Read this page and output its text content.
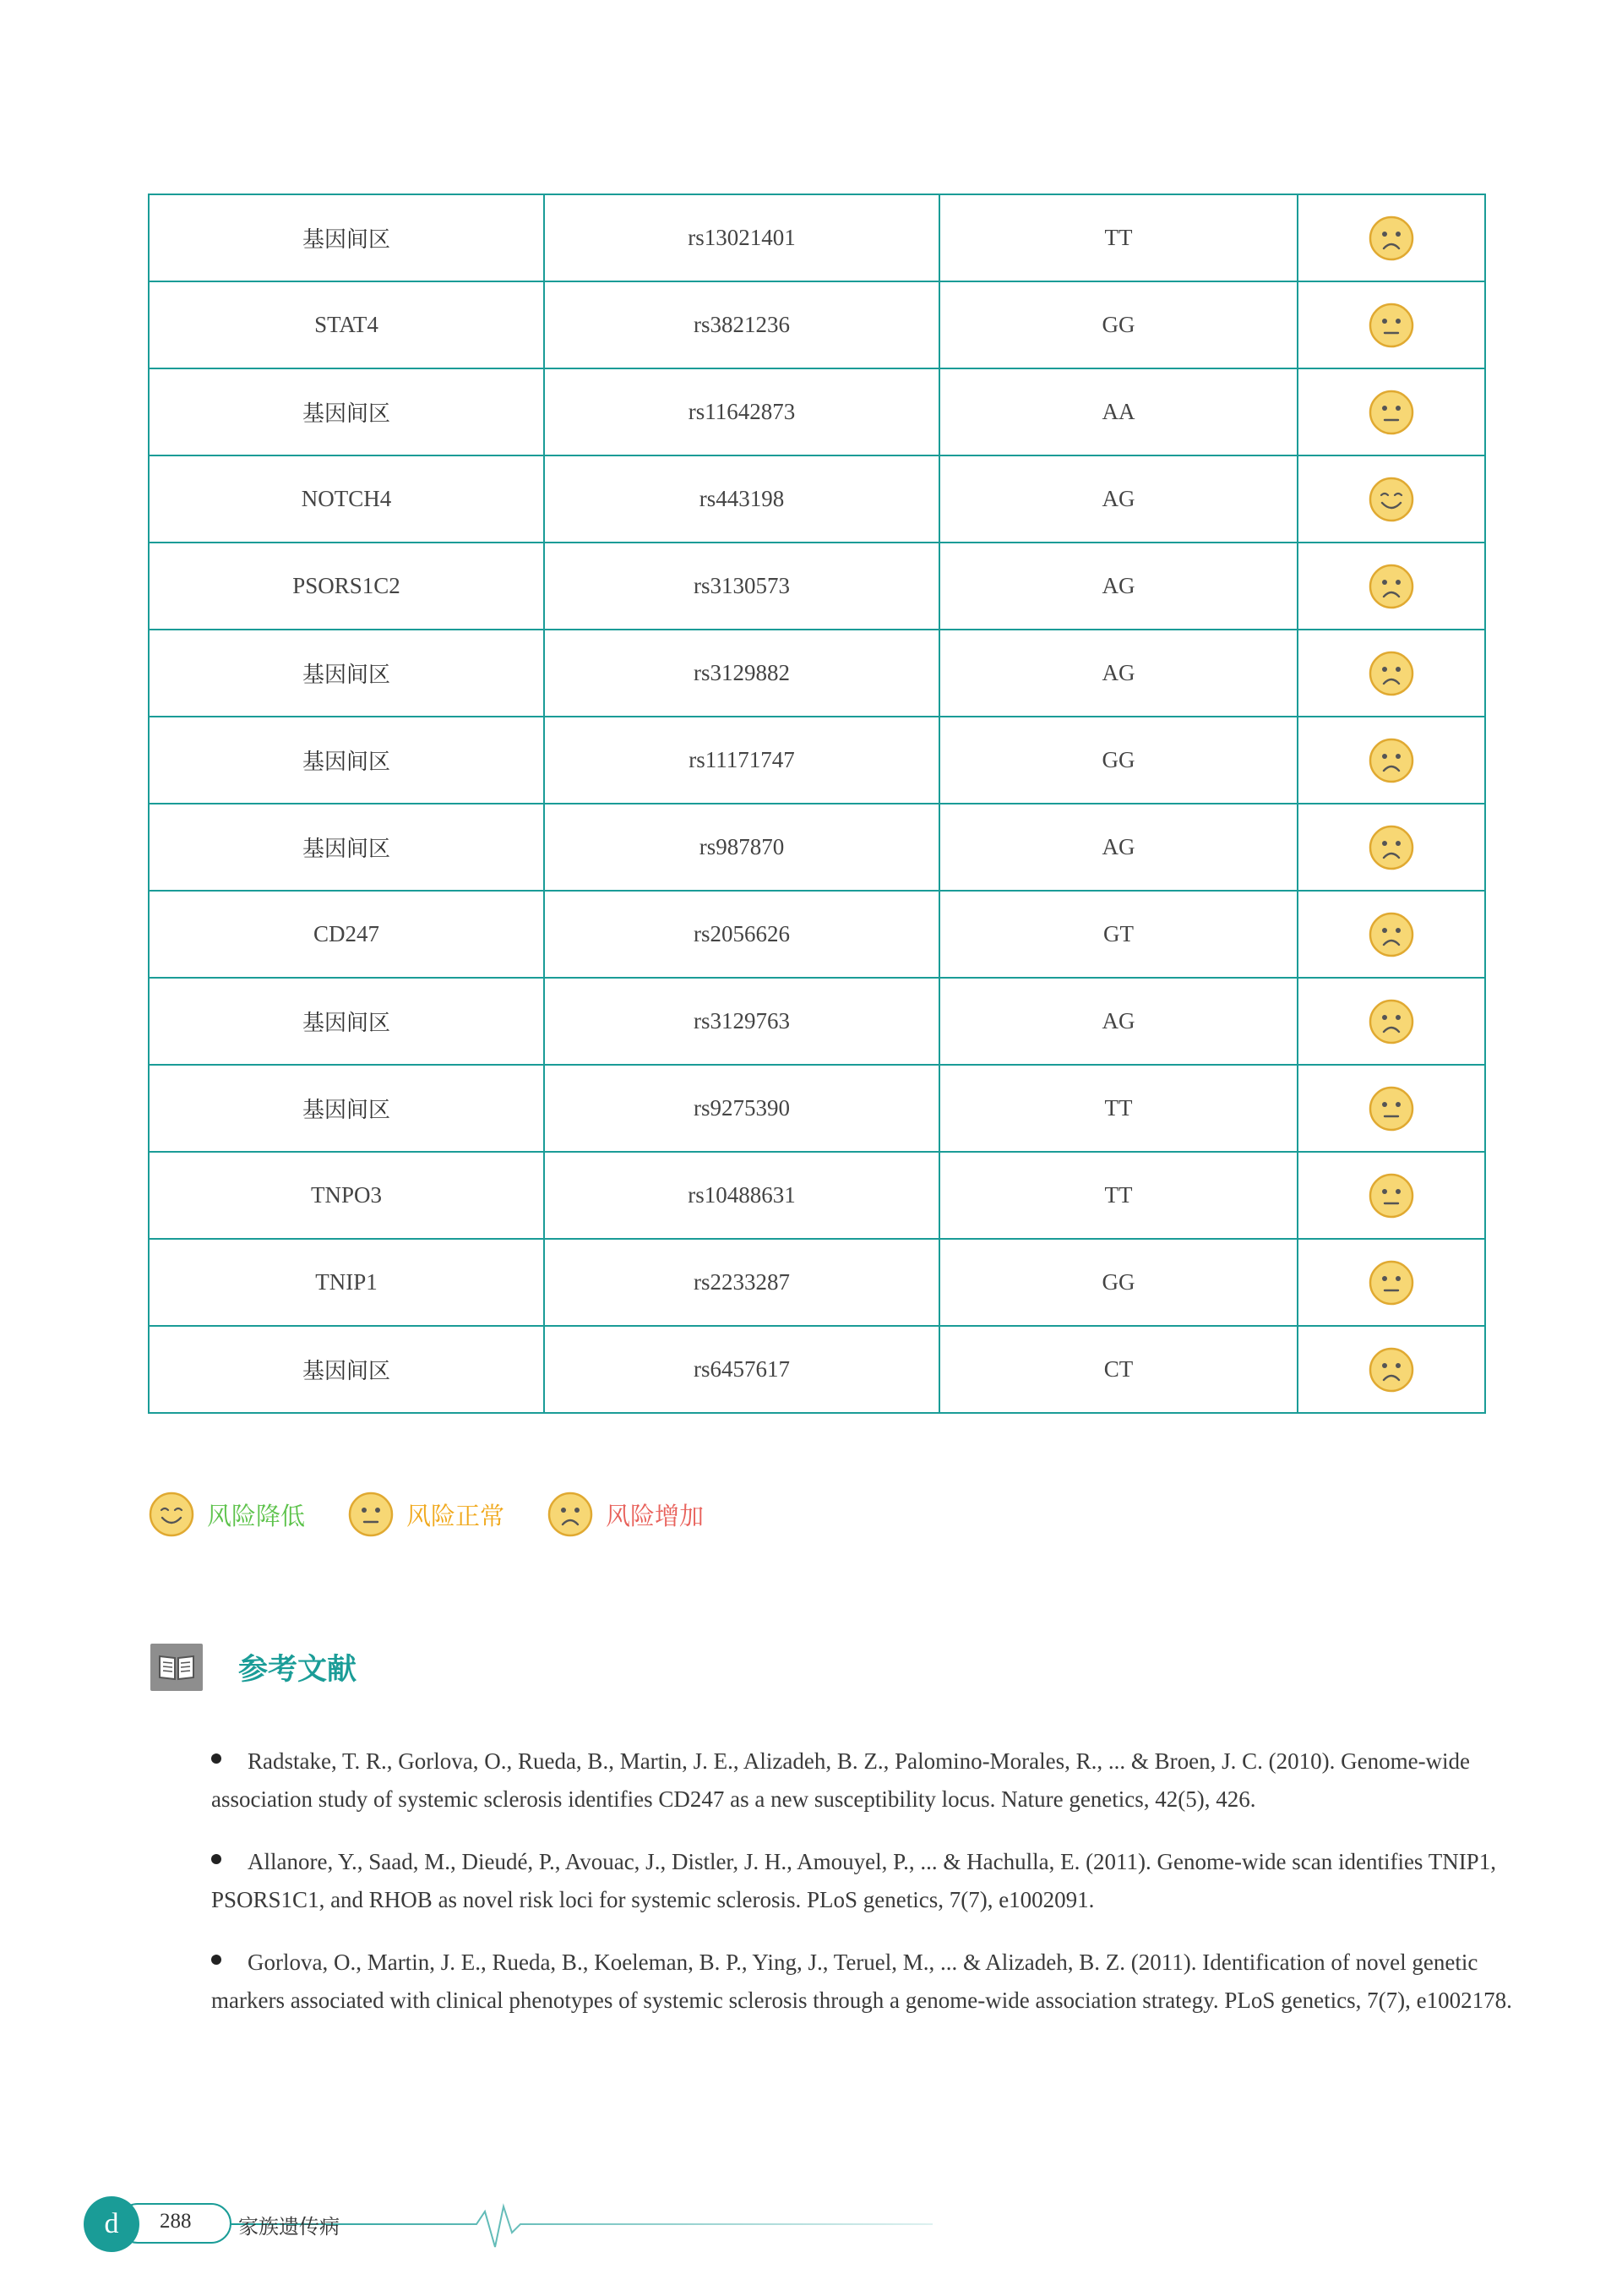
基因间区	rs13021401	TT	
STAT4	rs3821236	GG	
基因间区	rs11642873	AA	
NOTCH4	rs443198	AG	
PSORS1C2	rs3130573	AG	
基因间区	rs3129882	AG	
基因间区	rs11171747	GG	
基因间区	rs987870	AG	
CD247	rs2056626	GT	
基因间区	rs3129763	AG	
基因间区	rs9275390	TT	
TNPO3	rs10488631	TT	
TNIP1	rs2233287	GG	
基因间区	rs6457617	CT	
风险降低	风险正常	风险增加
参考文献
Radstake, T. R., Gorlova, O., Rueda, B., Martin, J. E., Alizadeh, B. Z., Palomino-Morales, R., ... & Broen, J. C. (2010). Genome-wide association study of systemic sclerosis identifies CD247 as a new susceptibility locus. Nature genetics, 42(5), 426.
Allanore, Y., Saad, M., Dieudé, P., Avouac, J., Distler, J. H., Amouyel, P., ... & Hachulla, E. (2011). Genome-wide scan identifies TNIP1, PSORS1C1, and RHOB as novel risk loci for systemic sclerosis. PLoS genetics, 7(7), e1002091.
Gorlova, O., Martin, J. E., Rueda, B., Koeleman, B. P., Ying, J., Teruel, M., ... & Alizadeh, B. Z. (2011). Identification of novel genetic markers associated with clinical phenotypes of systemic sclerosis through a genome-wide association strategy. PLoS genetics, 7(7), e1002178.
d	288 家族遗传病
